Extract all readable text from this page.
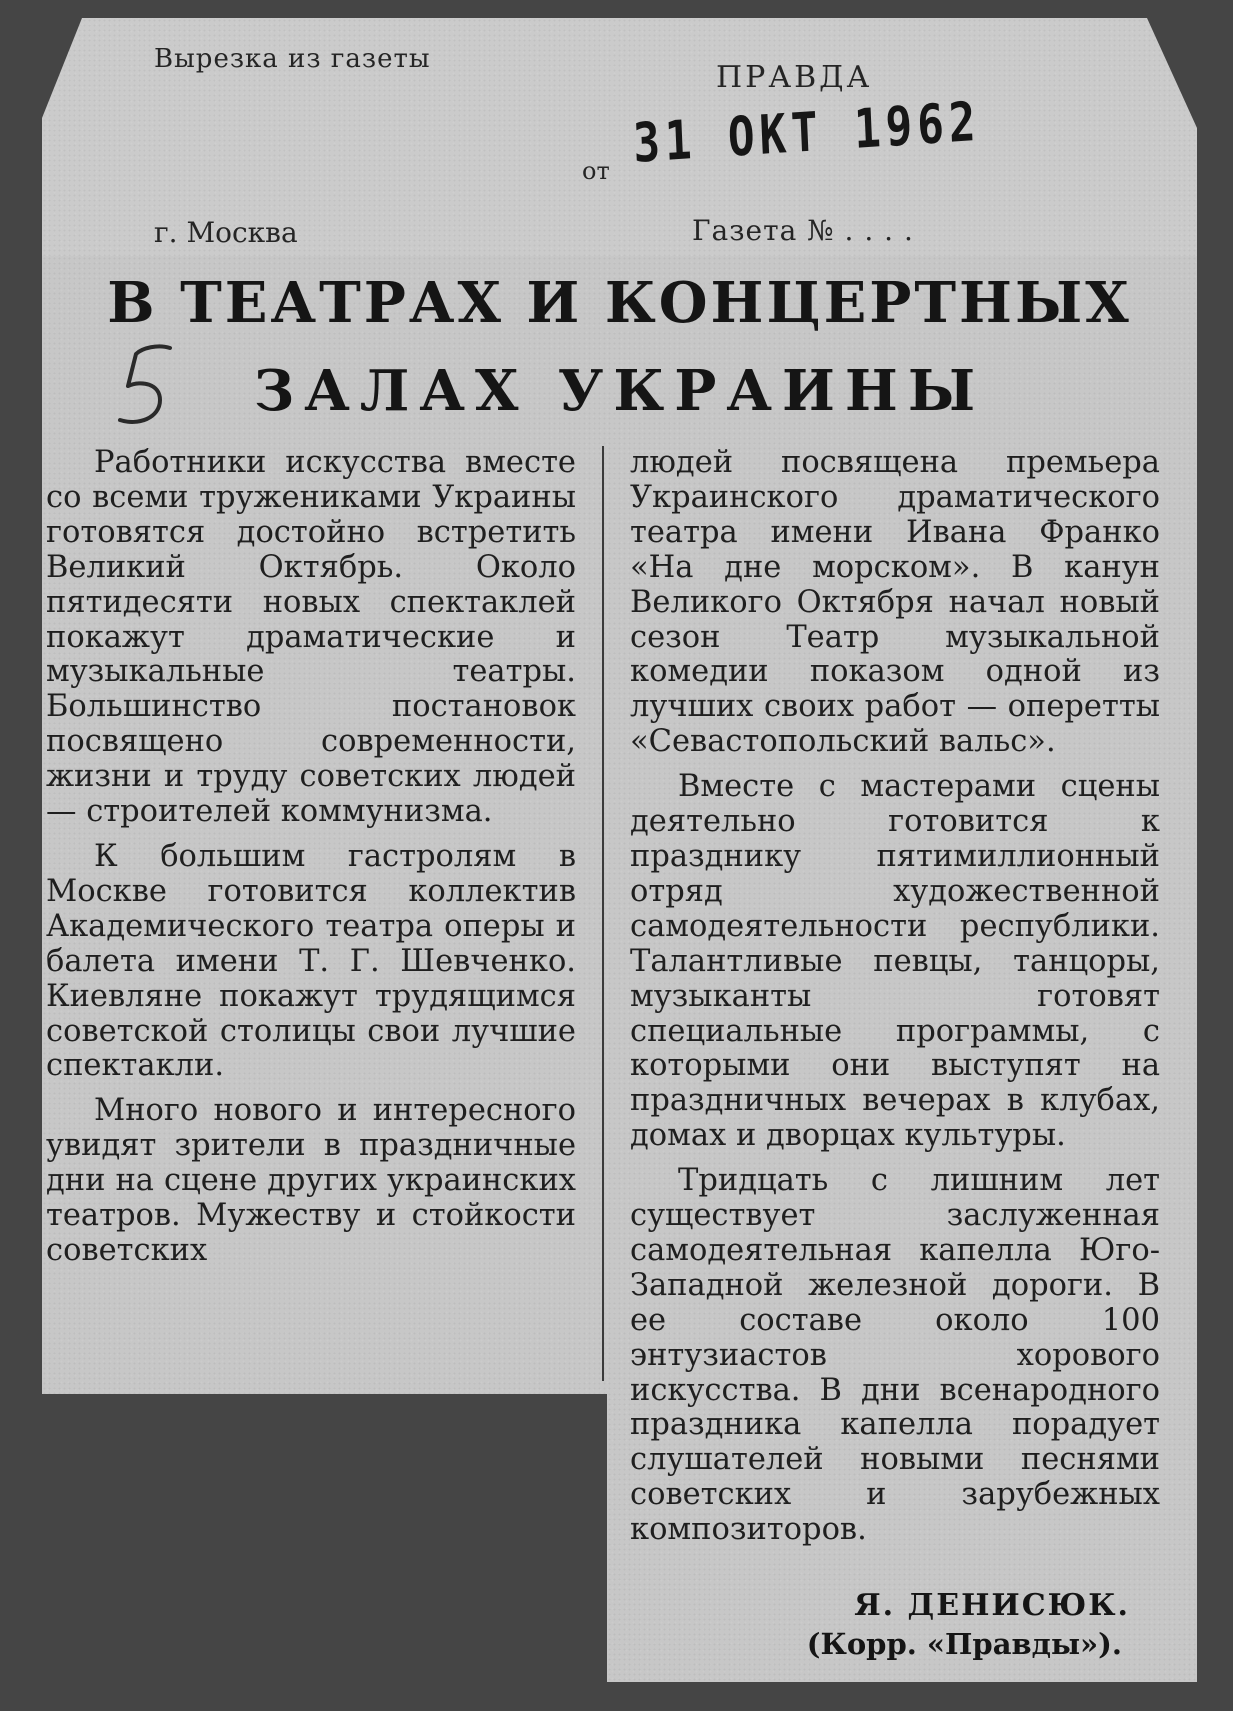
Вырезка из газеты
ПРАВДА
от 31 ОКТ 1962
г. Москва	Газета № . . . .
В ТЕАТРАХ И КОНЦЕРТНЫХ
ЗАЛАХ УКРАИНЫ

Работники искусства вместе со всеми тружениками Украины готовятся достойно встретить Великий Октябрь. Около пятидесяти новых спектаклей покажут драматические и музыкальные театры. Большинство постановок посвящено современности, жизни и труду советских людей — строителей коммунизма.

К большим гастролям в Москве готовится коллектив Академического театра оперы и балета имени Т. Г. Шевченко. Киевляне покажут трудящимся советской столицы свои лучшие спектакли.

Много нового и интересного увидят зрители в праздничные дни на сцене других украинских театров. Мужеству и стойкости советских

людей посвящена премьера Украинского драматического театра имени Ивана Франко «На дне морском». В канун Великого Октября начал новый сезон Театр музыкальной комедии показом одной из лучших своих работ — оперетты «Севастопольский вальс».

Вместе с мастерами сцены деятельно готовится к празднику пятимиллионный отряд художественной самодеятельности республики. Талантливые певцы, танцоры, музыканты готовят специальные программы, с которыми они выступят на праздничных вечерах в клубах, домах и дворцах культуры.

Тридцать с лишним лет существует заслуженная самодеятельная капелла Юго-Западной железной дороги. В ее составе около 100 энтузиастов хорового искусства. В дни всенародного праздника капелла порадует слушателей новыми песнями советских и зарубежных композиторов.

Я. ДЕНИСЮК.
(Корр. «Правды»).
